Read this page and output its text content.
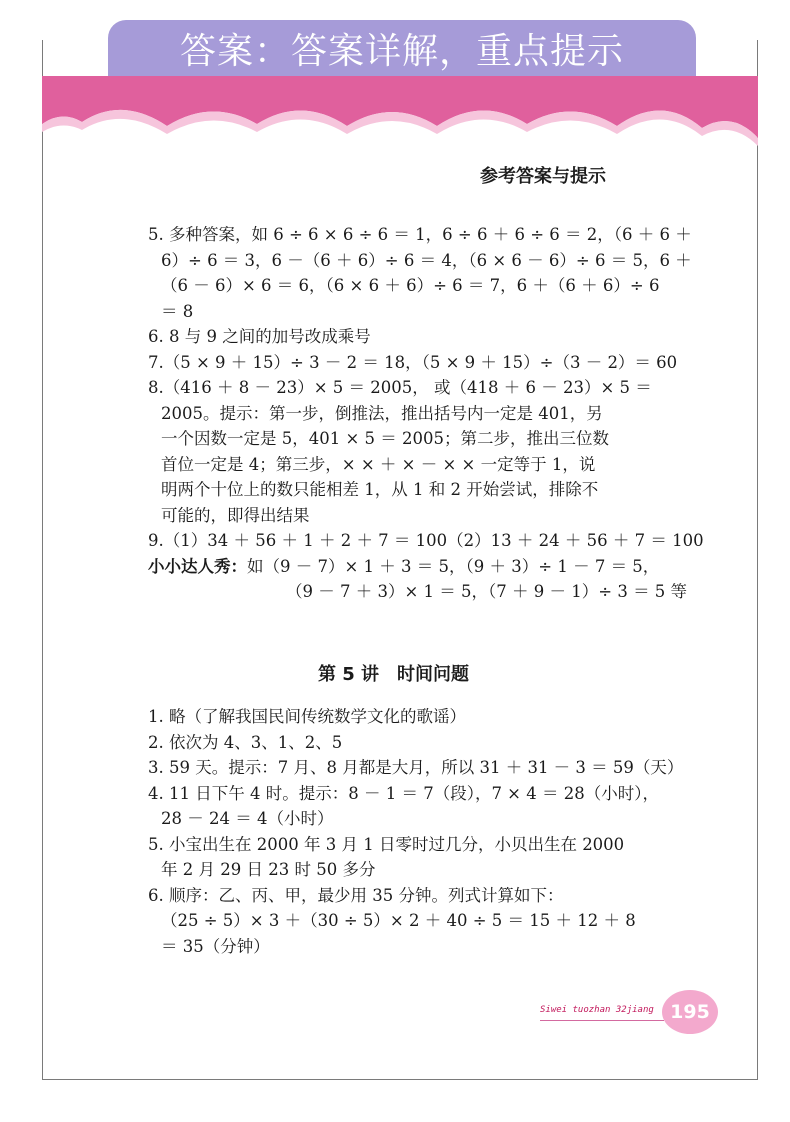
答案：答案详解，重点提示
参考答案与提示
5. 多种答案，如 6 ÷ 6 × 6 ÷ 6 ＝ 1，6 ÷ 6 ＋ 6 ÷ 6 ＝ 2，（6 ＋ 6 ＋
6）÷ 6 ＝ 3，6 －（6 ＋ 6）÷ 6 ＝ 4，（6 × 6 － 6）÷ 6 ＝ 5，6 ＋
（6 － 6）× 6 ＝ 6，（6 × 6 ＋ 6）÷ 6 ＝ 7，6 ＋（6 ＋ 6）÷ 6
＝ 8
6. 8 与 9 之间的加号改成乘号
7.（5 × 9 ＋ 15）÷ 3 － 2 ＝ 18，（5 × 9 ＋ 15）÷（3 － 2）＝ 60
8.（416 ＋ 8 － 23）× 5 ＝ 2005， 或（418 ＋ 6 － 23）× 5 ＝
2005。提示：第一步，倒推法，推出括号内一定是 401，另
一个因数一定是 5，401 × 5 ＝ 2005；第二步，推出三位数
首位一定是 4；第三步，× × ＋ × － × × 一定等于 1，说
明两个十位上的数只能相差 1，从 1 和 2 开始尝试，排除不
可能的，即得出结果
9.（1）34 ＋ 56 ＋ 1 ＋ 2 ＋ 7 ＝ 100（2）13 ＋ 24 ＋ 56 ＋ 7 ＝ 100
小小达人秀：如（9 － 7）× 1 ＋ 3 ＝ 5，（9 ＋ 3）÷ 1 － 7 ＝ 5，
（9 － 7 ＋ 3）× 1 ＝ 5，（7 ＋ 9 － 1）÷ 3 ＝ 5 等
第 5 讲　时间问题
1. 略（了解我国民间传统数学文化的歌谣）
2. 依次为 4、3、1、2、5
3. 59 天。提示：7 月、8 月都是大月，所以 31 ＋ 31 － 3 ＝ 59（天）
4. 11 日下午 4 时。提示：8 － 1 ＝ 7（段），7 × 4 ＝ 28（小时），
28 － 24 ＝ 4（小时）
5. 小宝出生在 2000 年 3 月 1 日零时过几分，小贝出生在 2000
年 2 月 29 日 23 时 50 多分
6. 顺序：乙、丙、甲，最少用 35 分钟。列式计算如下：
（25 ÷ 5）× 3 ＋（30 ÷ 5）× 2 ＋ 40 ÷ 5 ＝ 15 ＋ 12 ＋ 8
＝ 35（分钟）
Siwei tuozhan 32jiang 195
